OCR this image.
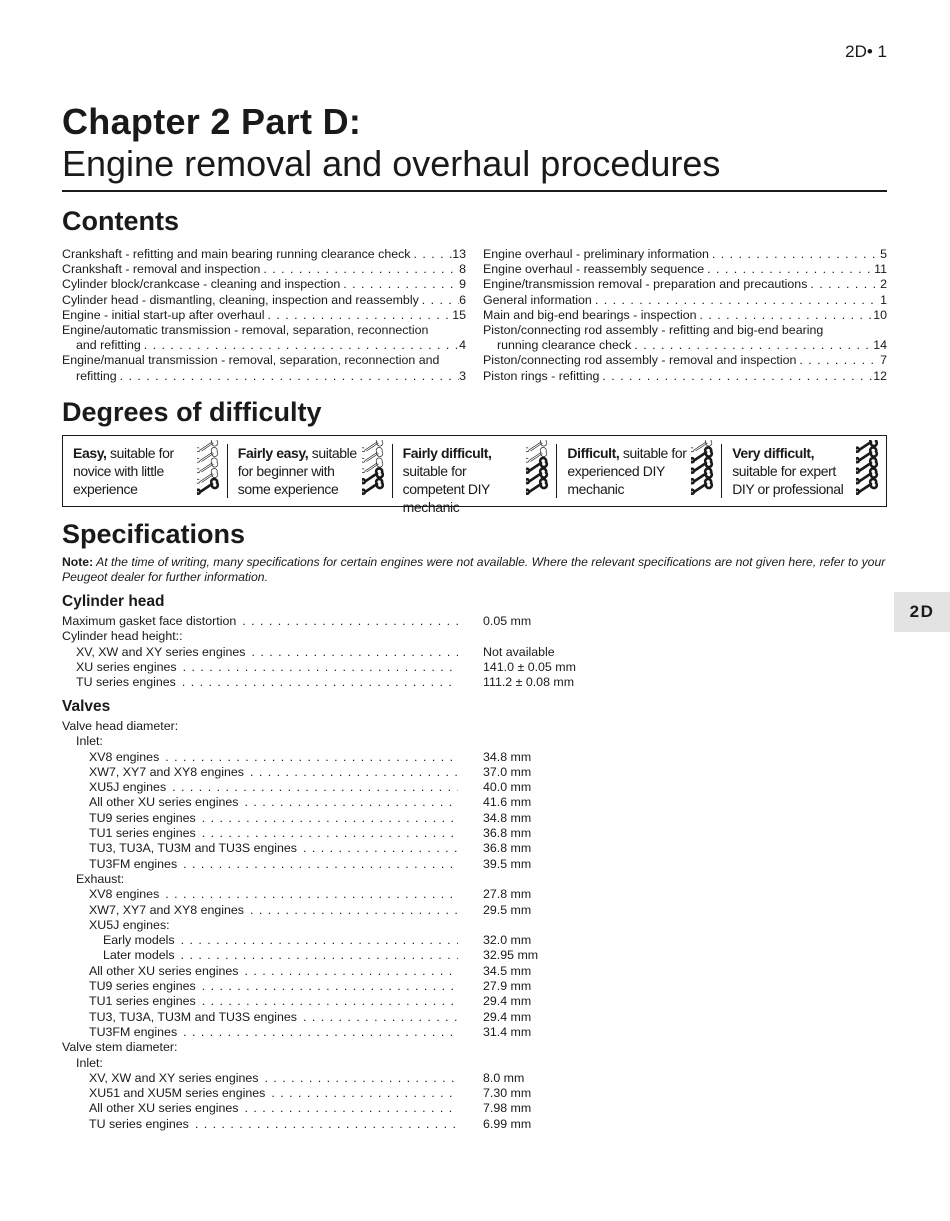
2D• 1
Chapter 2 Part D:
Engine removal and overhaul procedures
Contents
Crankshaft - refitting and main bearing running clearance check . . .	13
Crankshaft - removal and inspection . . .	8
Cylinder block/crankcase - cleaning and inspection . . .	9
Cylinder head - dismantling, cleaning, inspection and reassembly . . .	6
Engine - initial start-up after overhaul . . .	15
Engine/automatic transmission - removal, separation, reconnection
and refitting . . .	4
Engine/manual transmission - removal, separation, reconnection and
refitting . . .	3
Engine overhaul - preliminary information . . .	5
Engine overhaul - reassembly sequence . . .	11
Engine/transmission removal - preparation and precautions . . .	2
General information . . .	1
Main and big-end bearings - inspection . . .	10
Piston/connecting rod assembly - refitting and big-end bearing
running clearance check . . .	14
Piston/connecting rod assembly - removal and inspection . . .	7
Piston rings - refitting . . .	12
Degrees of difficulty
Easy, suitable for novice with little experience
Fairly easy, suitable for beginner with some experience
Fairly difficult, suitable for competent DIY mechanic
Difficult, suitable for experienced DIY mechanic
Very difficult, suitable for expert DIY or professional
Specifications
Note: At the time of writing, many specifications for certain engines were not available. Where the relevant specifications are not given here, refer to your Peugeot dealer for further information.
Cylinder head
Maximum gasket face distortion . . .	0.05 mm
Cylinder head height::
XV, XW and XY series engines . . .	Not available
XU series engines . . .	141.0 ± 0.05 mm
TU series engines . . .	111.2 ± 0.08 mm
Valves
Valve head diameter:
Inlet:
XV8 engines . . .	34.8 mm
XW7, XY7 and XY8 engines . . .	37.0 mm
XU5J engines . . .	40.0 mm
All other XU series engines . . .	41.6 mm
TU9 series engines . . .	34.8 mm
TU1 series engines . . .	36.8 mm
TU3, TU3A, TU3M and TU3S engines . . .	36.8 mm
TU3FM engines . . .	39.5 mm
Exhaust:
XV8 engines . . .	27.8 mm
XW7, XY7 and XY8 engines . . .	29.5 mm
XU5J engines:
Early models . . .	32.0 mm
Later models . . .	32.95 mm
All other XU series engines . . .	34.5 mm
TU9 series engines . . .	27.9 mm
TU1 series engines . . .	29.4 mm
TU3, TU3A, TU3M and TU3S engines . . .	29.4 mm
TU3FM engines . . .	31.4 mm
Valve stem diameter:
Inlet:
XV, XW and XY series engines . . .	8.0 mm
XU51 and XU5M series engines . . .	7.30 mm
All other XU series engines . . .	7.98 mm
TU series engines . . .	6.99 mm
2D
